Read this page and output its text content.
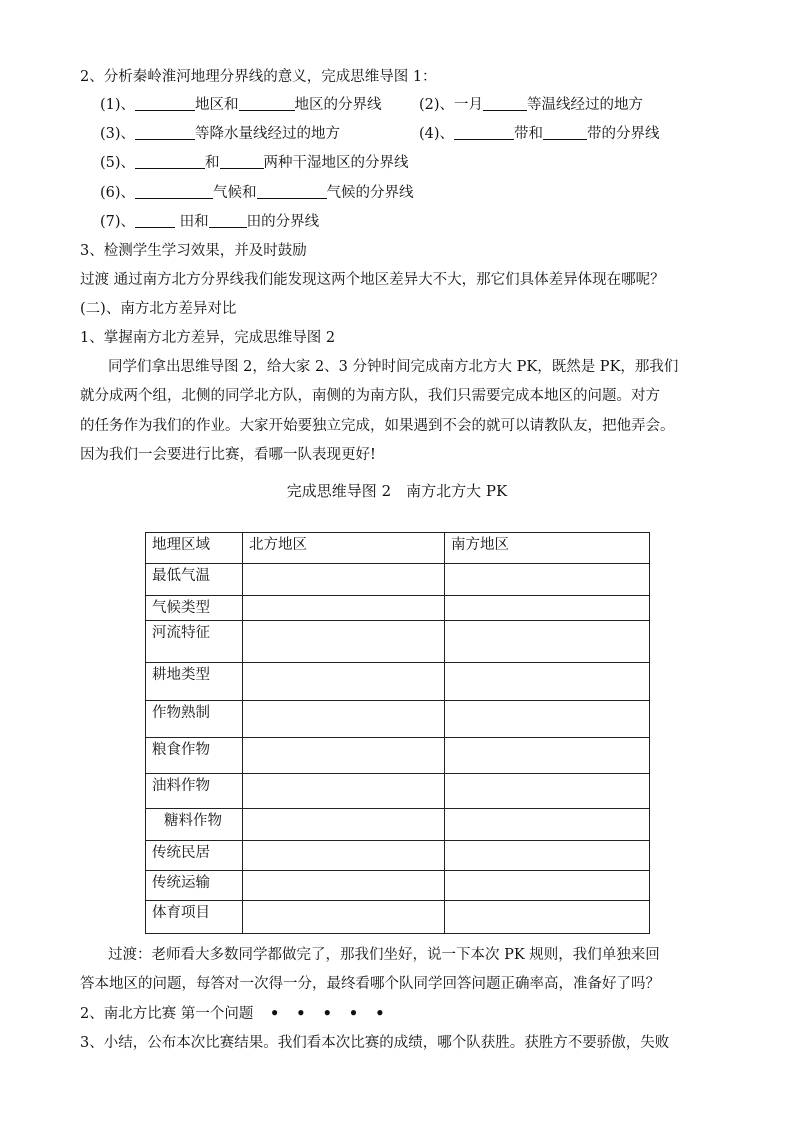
2、分析秦岭淮河地理分界线的意义，完成思维导图 1：
(1)、	地区和	地区的分界线	(2)、一月	等温线经过的地方
(3)、	等降水量线经过的地方	(4)、	带和	带的分界线
(5)、	和	两种干湿地区的分界线
(6)、	气候和	气候的分界线
(7)、	田和	田的分界线
3、检测学生学习效果，并及时鼓励
过渡 通过南方北方分界线我们能发现这两个地区差异大不大，那它们具体差异体现在哪呢？
(二)、南方北方差异对比
1、掌握南方北方差异，完成思维导图 2
同学们拿出思维导图 2，给大家 2、3 分钟时间完成南方北方大 PK，既然是 PK，那我们
就分成两个组，北侧的同学北方队，南侧的为南方队，我们只需要完成本地区的问题。对方
的任务作为我们的作业。大家开始要独立完成，如果遇到不会的就可以请教队友，把他弄会。
因为我们一会要进行比赛，看哪一队表现更好!
完成思维导图 2　南方北方大 PK
地理区域	北方地区	南方地区
最低气温		
气候类型		
河流特征		
耕地类型		
作物熟制		
粮食作物		
油料作物		
糖料作物		
传统民居		
传统运输		
体育项目		
过渡：老师看大多数同学都做完了，那我们坐好，说一下本次 PK 规则，我们单独来回
答本地区的问题，每答对一次得一分，最终看哪个队同学回答问题正确率高，准备好了吗？
2、南北方比赛 第一个问题 • • • • •
3、小结，公布本次比赛结果。我们看本次比赛的成绩，哪个队获胜。获胜方不要骄傲，失败
